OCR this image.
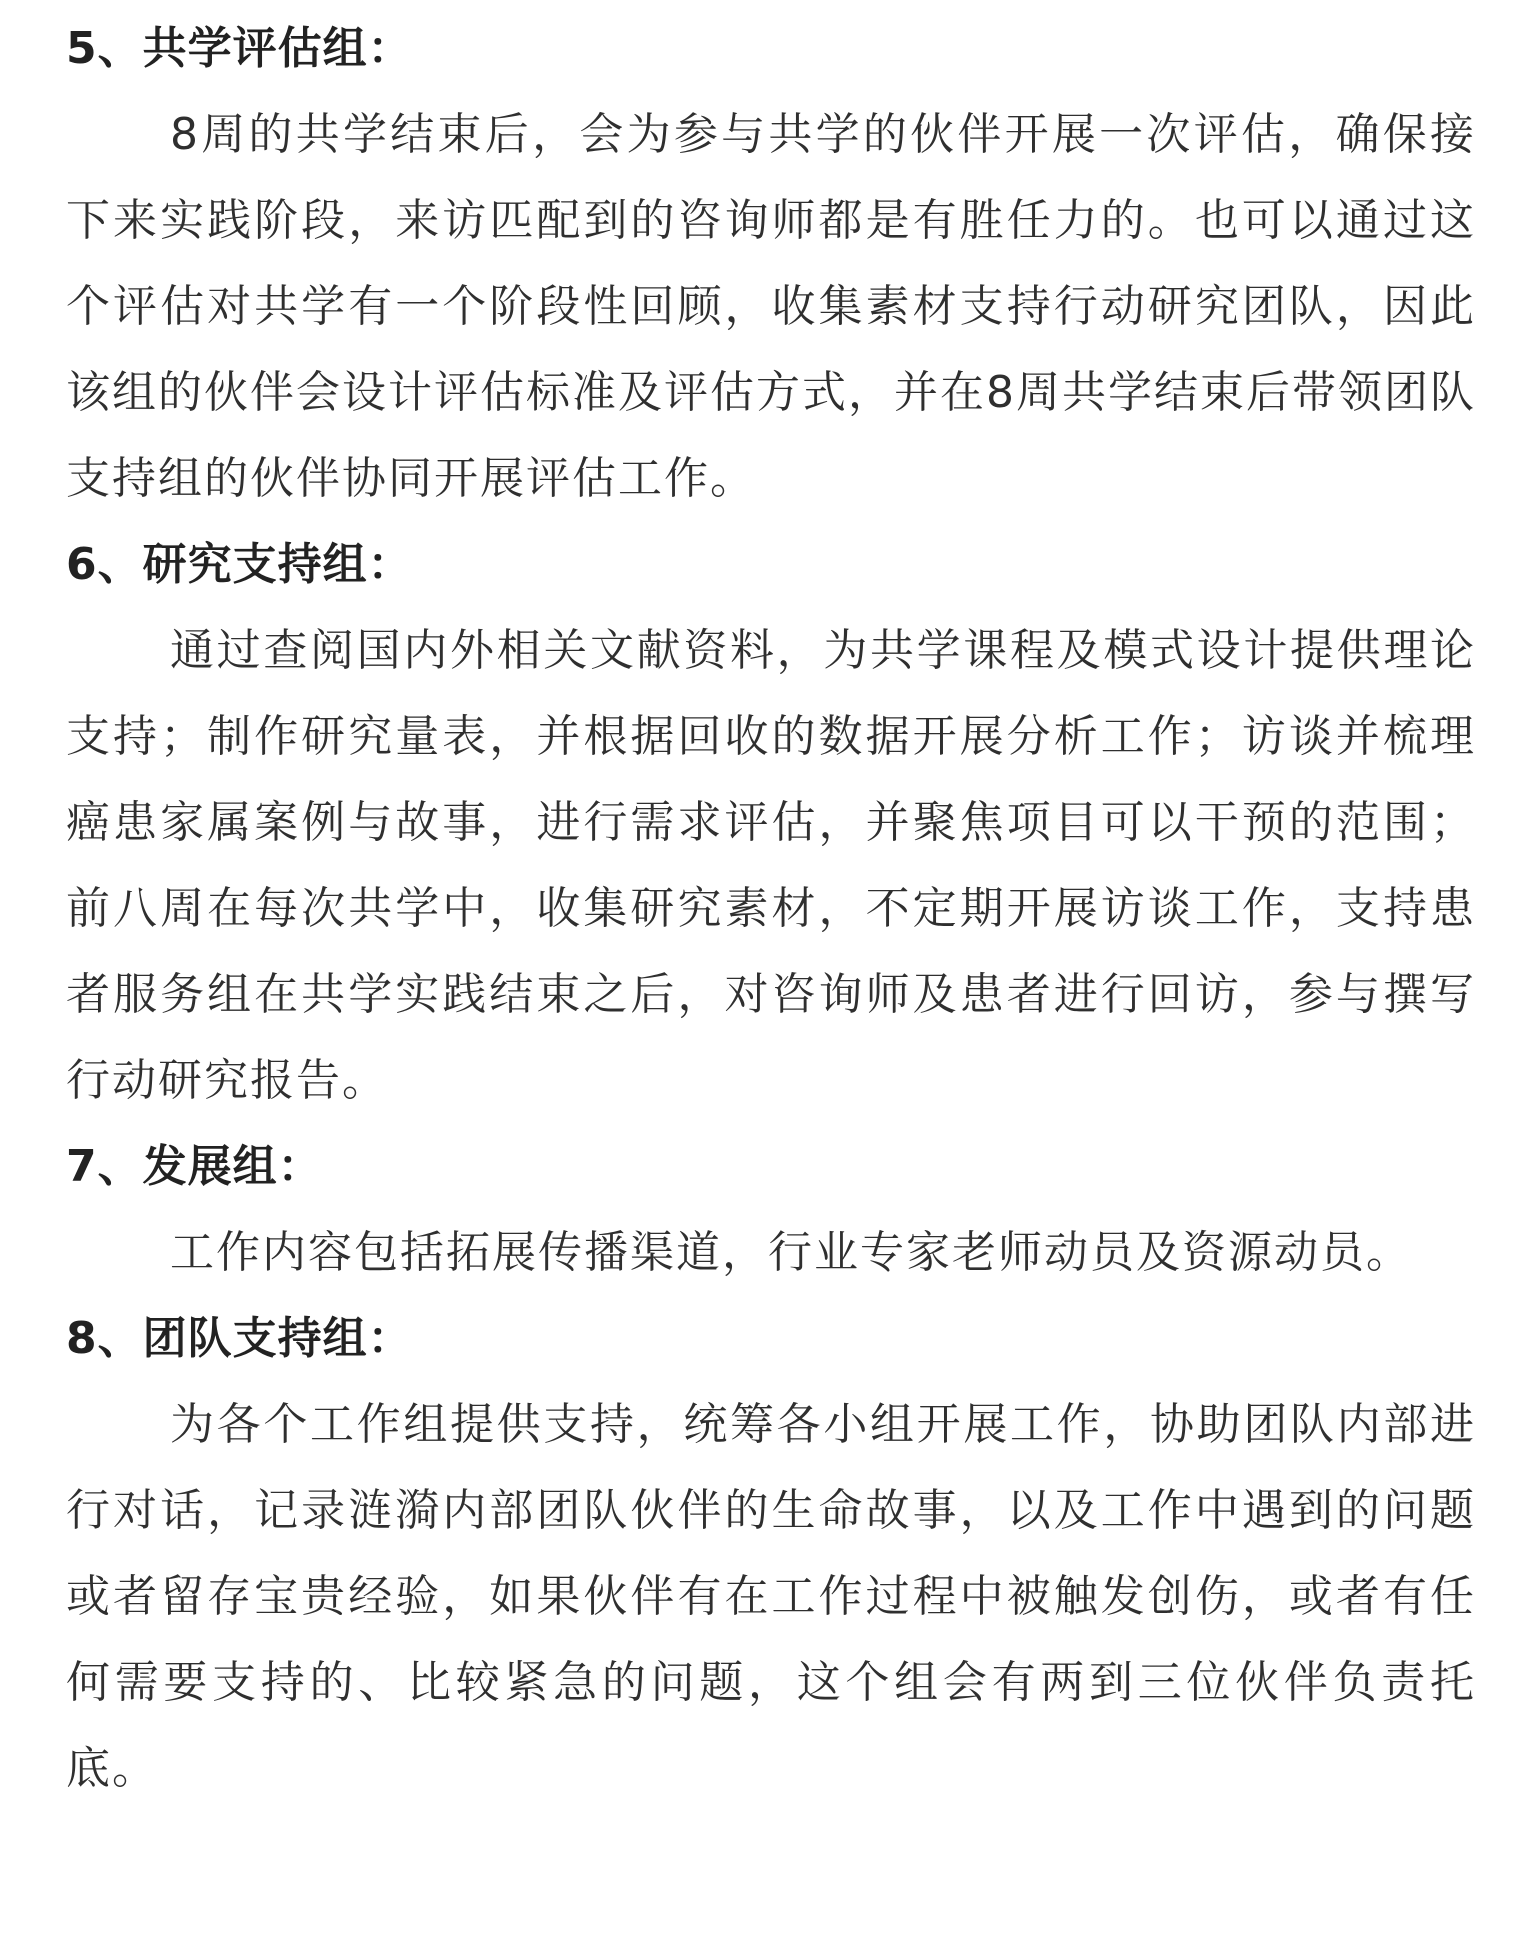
5、共学评估组：

8周的共学结束后，会为参与共学的伙伴开展一次评估，确保接下来实践阶段，来访匹配到的咨询师都是有胜任力的。也可以通过这个评估对共学有一个阶段性回顾，收集素材支持行动研究团队，因此该组的伙伴会设计评估标准及评估方式，并在8周共学结束后带领团队支持组的伙伴协同开展评估工作。

6、研究支持组：

通过查阅国内外相关文献资料，为共学课程及模式设计提供理论支持；制作研究量表，并根据回收的数据开展分析工作；访谈并梳理癌患家属案例与故事，进行需求评估，并聚焦项目可以干预的范围；前八周在每次共学中，收集研究素材，不定期开展访谈工作，支持患者服务组在共学实践结束之后，对咨询师及患者进行回访，参与撰写行动研究报告。

7、发展组：

工作内容包括拓展传播渠道，行业专家老师动员及资源动员。

8、团队支持组：

为各个工作组提供支持，统筹各小组开展工作，协助团队内部进行对话，记录涟漪内部团队伙伴的生命故事，以及工作中遇到的问题或者留存宝贵经验，如果伙伴有在工作过程中被触发创伤，或者有任何需要支持的、比较紧急的问题，这个组会有两到三位伙伴负责托底。
